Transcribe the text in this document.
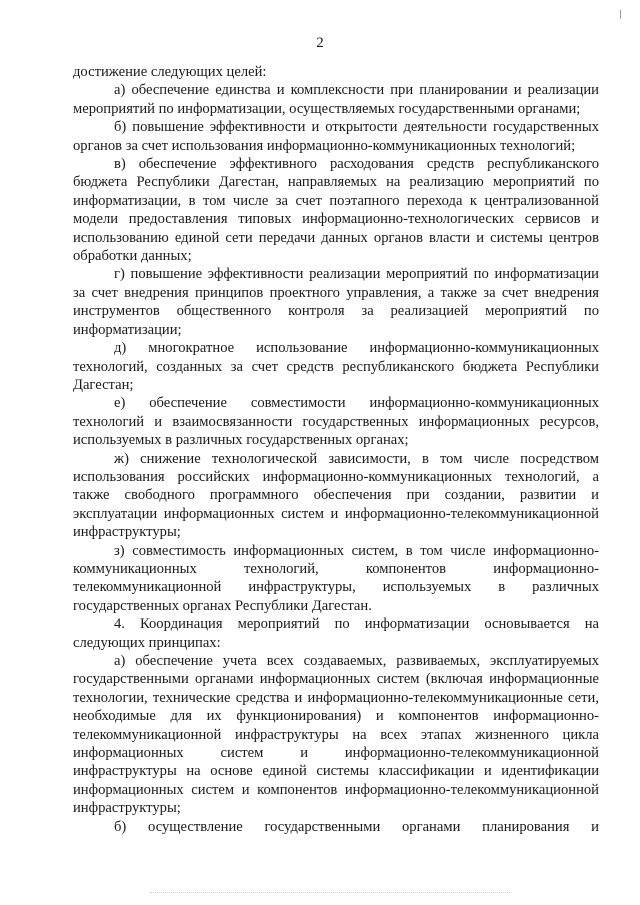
2

достижение следующих целей:

а) обеспечение единства и комплексности при планировании и реализации мероприятий по информатизации, осуществляемых государственными органами;

б) повышение эффективности и открытости деятельности государственных органов за счет использования информационно-коммуникационных технологий;

в) обеспечение эффективного расходования средств республиканского бюджета Республики Дагестан, направляемых на реализацию мероприятий по информатизации, в том числе за счет поэтапного перехода к централизованной модели предоставления типовых информационно-технологических сервисов и использованию единой сети передачи данных органов власти и системы центров обработки данных;

г) повышение эффективности реализации мероприятий по информатизации за счет внедрения принципов проектного управления, а также за счет внедрения инструментов общественного контроля за реализацией мероприятий по информатизации;

д) многократное использование информационно-коммуникационных технологий, созданных за счет средств республиканского бюджета Республики Дагестан;

е) обеспечение совместимости информационно-коммуникационных технологий и взаимосвязанности государственных информационных ресурсов, используемых в различных государственных органах;

ж) снижение технологической зависимости, в том числе посредством использования российских информационно-коммуникационных технологий, а также свободного программного обеспечения при создании, развитии и эксплуатации информационных систем и информационно-телекоммуникационной инфраструктуры;

з) совместимость информационных систем, в том числе информационно-коммуникационных технологий, компонентов информационно-телекоммуникационной инфраструктуры, используемых в различных государственных органах Республики Дагестан.

4. Координация мероприятий по информатизации основывается на следующих принципах:

а) обеспечение учета всех создаваемых, развиваемых, эксплуатируемых государственными органами информационных систем (включая информационные технологии, технические средства и информационно-телекоммуникационные сети, необходимые для их функционирования) и компонентов информационно-телекоммуникационной инфраструктуры на всех этапах жизненного цикла информационных систем и информационно-телекоммуникационной инфраструктуры на основе единой системы классификации и идентификации информационных систем и компонентов информационно-телекоммуникационной инфраструктуры;

б) осуществление государственными органами планирования и
